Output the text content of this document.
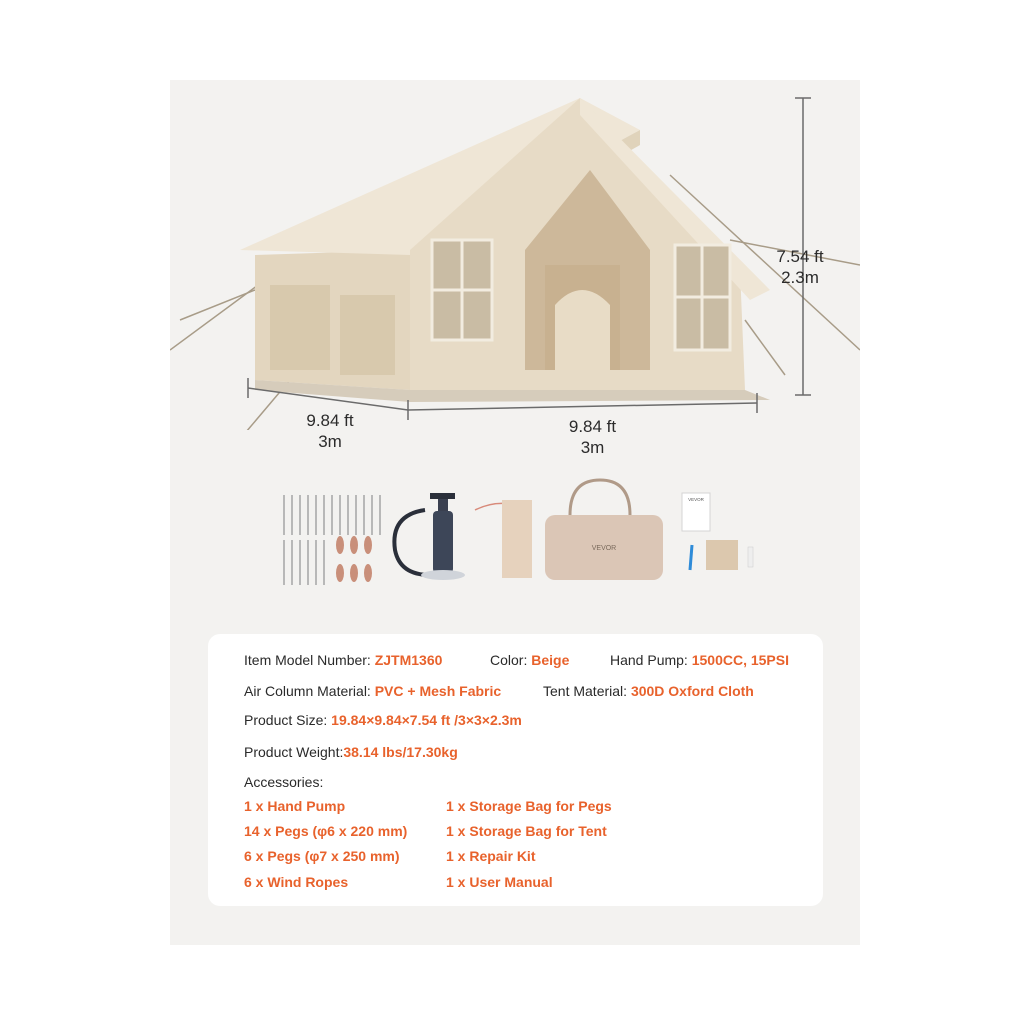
7.54 ft
2.3m
9.84 ft
3m
9.84 ft
3m
VEVOR
VEVOR
Item Model Number: ZJTM1360	Color: Beige	Hand Pump: 1500CC, 15PSI
Air Column Material: PVC + Mesh Fabric	Tent Material: 300D Oxford Cloth
Product Size: 19.84×9.84×7.54 ft /3×3×2.3m
Product Weight:38.14 lbs/17.30kg
Accessories:
1 x Hand Pump
14 x Pegs (φ6 x 220 mm)
6 x Pegs (φ7 x 250 mm)
6 x Wind Ropes
1 x Storage Bag for Pegs
1 x Storage Bag for Tent
1 x Repair Kit
1 x User Manual
